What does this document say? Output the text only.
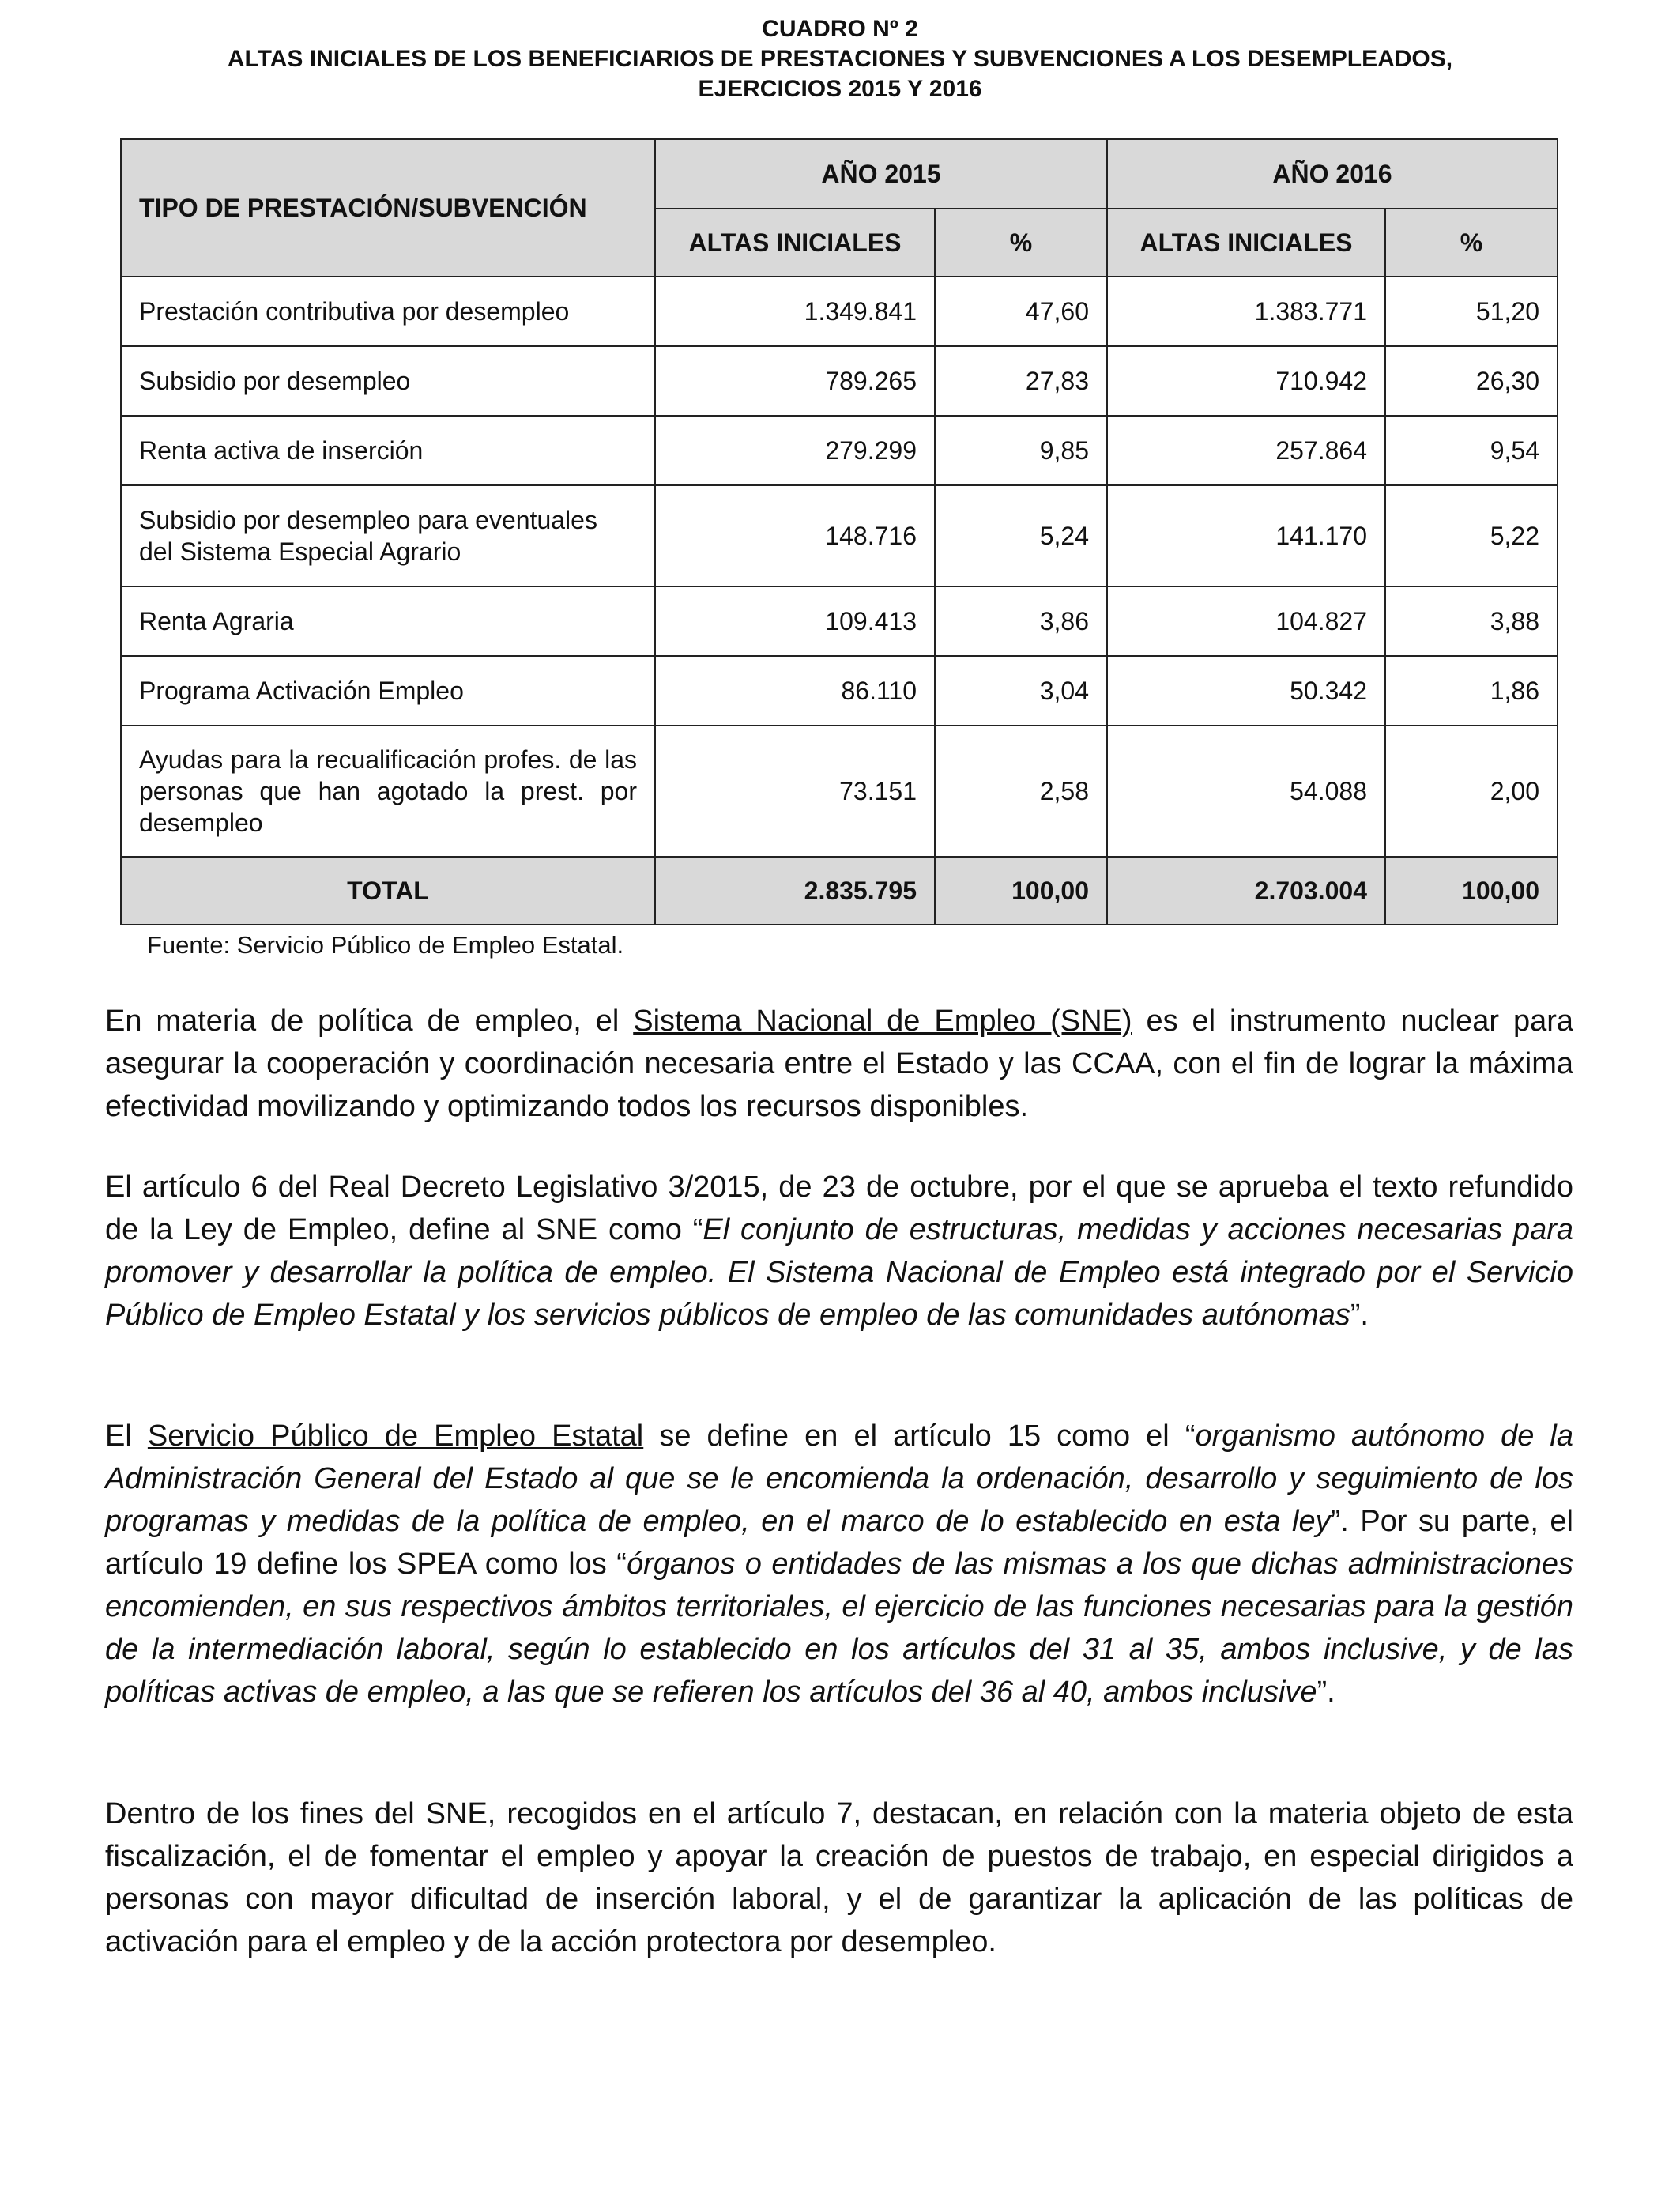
CUADRO Nº 2
ALTAS INICIALES DE LOS BENEFICIARIOS DE PRESTACIONES Y SUBVENCIONES A LOS DESEMPLEADOS,
EJERCICIOS 2015 Y 2016
TIPO DE PRESTACIÓN/SUBVENCIÓN	AÑO 2015		AÑO 2016	
	ALTAS INICIALES	%	ALTAS INICIALES	%
Prestación contributiva por desempleo	1.349.841	47,60	1.383.771	51,20
Subsidio por desempleo	789.265	27,83	710.942	26,30
Renta activa de inserción	279.299	9,85	257.864	9,54
Subsidio por desempleo para eventuales del Sistema Especial Agrario	148.716	5,24	141.170	5,22
Renta Agraria	109.413	3,86	104.827	3,88
Programa Activación Empleo	86.110	3,04	50.342	1,86
Ayudas para la recualificación profes. de las personas que han agotado la prest. por desempleo	73.151	2,58	54.088	2,00
TOTAL	2.835.795	100,00	2.703.004	100,00
Fuente: Servicio Público de Empleo Estatal.
En materia de política de empleo, el Sistema Nacional de Empleo (SNE) es el instrumento nuclear para asegurar la cooperación y coordinación necesaria entre el Estado y las CCAA, con el fin de lograr la máxima efectividad movilizando y optimizando todos los recursos disponibles.
El artículo 6 del Real Decreto Legislativo 3/2015, de 23 de octubre, por el que se aprueba el texto refundido de la Ley de Empleo, define al SNE como “El conjunto de estructuras, medidas y acciones necesarias para promover y desarrollar la política de empleo. El Sistema Nacional de Empleo está integrado por el Servicio Público de Empleo Estatal y los servicios públicos de empleo de las comunidades autónomas”.
El Servicio Público de Empleo Estatal se define en el artículo 15 como el “organismo autónomo de la Administración General del Estado al que se le encomienda la ordenación, desarrollo y seguimiento de los programas y medidas de la política de empleo, en el marco de lo establecido en esta ley”. Por su parte, el artículo 19 define los SPEA como los “órganos o entidades de las mismas a los que dichas administraciones encomienden, en sus respectivos ámbitos territoriales, el ejercicio de las funciones necesarias para la gestión de la intermediación laboral, según lo establecido en los artículos del 31 al 35, ambos inclusive, y de las políticas activas de empleo, a las que se refieren los artículos del 36 al 40, ambos inclusive”.
Dentro de los fines del SNE, recogidos en el artículo 7, destacan, en relación con la materia objeto de esta fiscalización, el de fomentar el empleo y apoyar la creación de puestos de trabajo, en especial dirigidos a personas con mayor dificultad de inserción laboral, y el de garantizar la aplicación de las políticas de activación para el empleo y de la acción protectora por desempleo.
